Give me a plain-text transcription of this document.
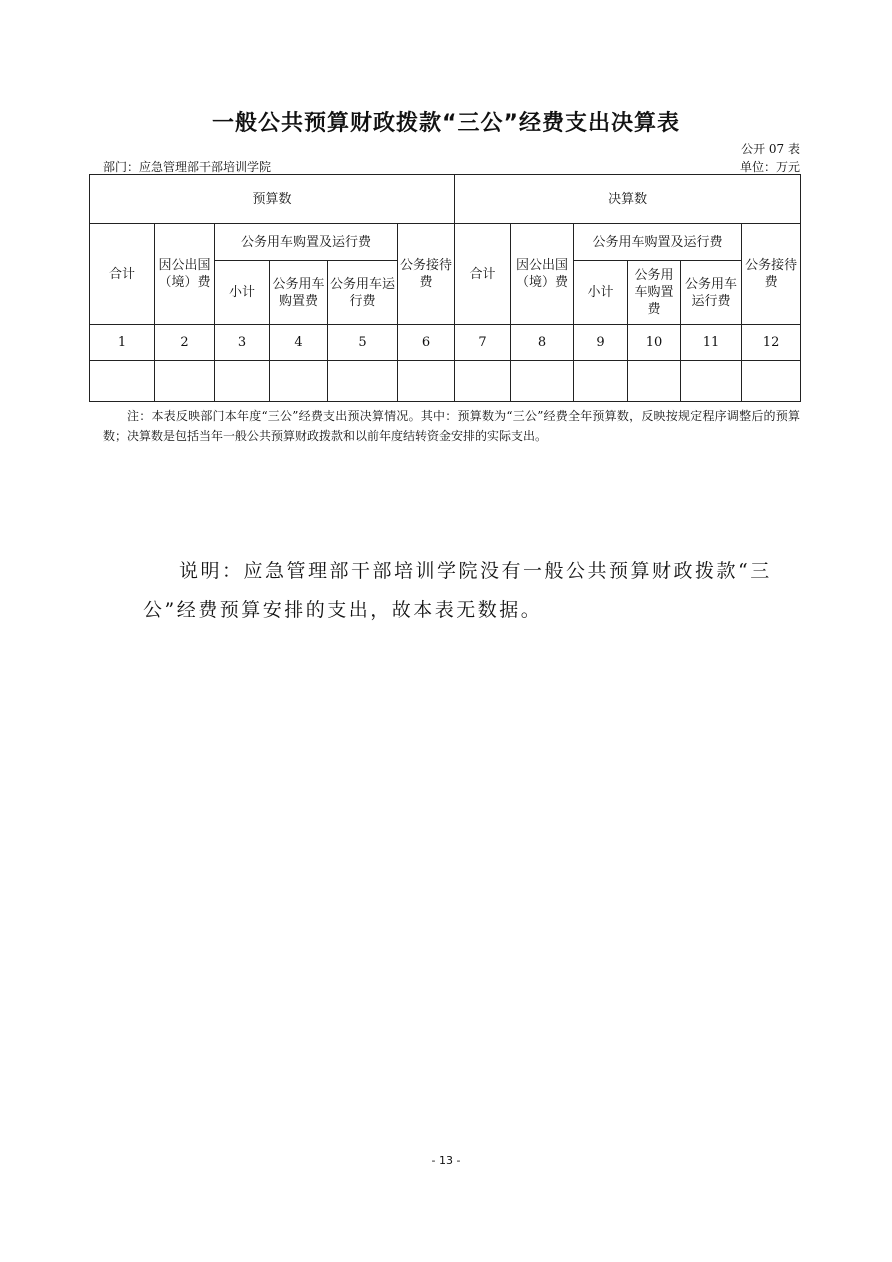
一般公共预算财政拨款“三公”经费支出决算表
公开 07 表
部门：应急管理部干部培训学院	单位：万元
预算数						决算数					
合计	因公出国（境）费	公务用车购置及运行费			公务接待费	合计	因公出国（境）费	公务用车购置及运行费			公务接待费
		小计	公务用车购置费	公务用车运行费				小计	公务用车购置费	公务用车运行费	
1	2	3	4	5	6	7	8	9	10	11	12

注：本表反映部门本年度“三公”经费支出预决算情况。其中：预算数为“三公”经费全年预算数，反映按规定程序调整后的预算数；决算数是包括当年一般公共预算财政拨款和以前年度结转资金安排的实际支出。
说明：应急管理部干部培训学院没有一般公共预算财政拨款“三公”经费预算安排的支出，故本表无数据。
- 13 -
